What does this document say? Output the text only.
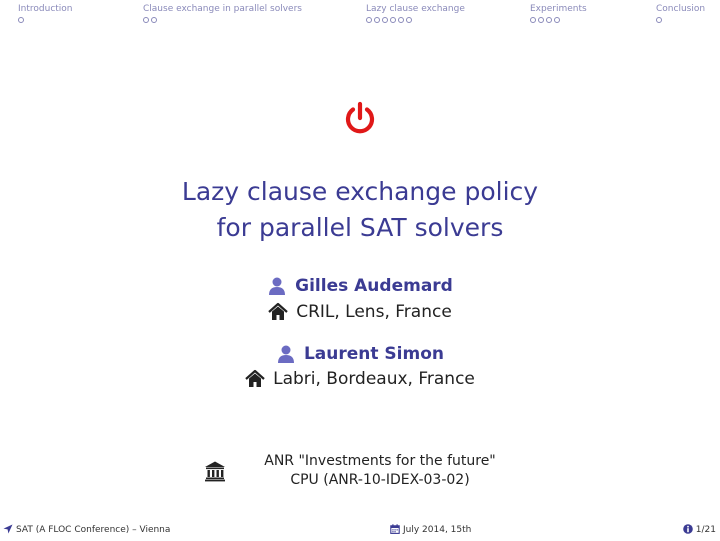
Introduction	Clause exchange in parallel solvers	Lazy clause exchange	Experiments	Conclusion
Lazy clause exchange policy
for parallel SAT solvers
Gilles Audemard
CRIL, Lens, France
Laurent Simon
Labri, Bordeaux, France
ANR "Investments for the future"
CPU (ANR-10-IDEX-03-02)
SAT (A FLOC Conference) – Vienna	July 2014, 15th	1/21
